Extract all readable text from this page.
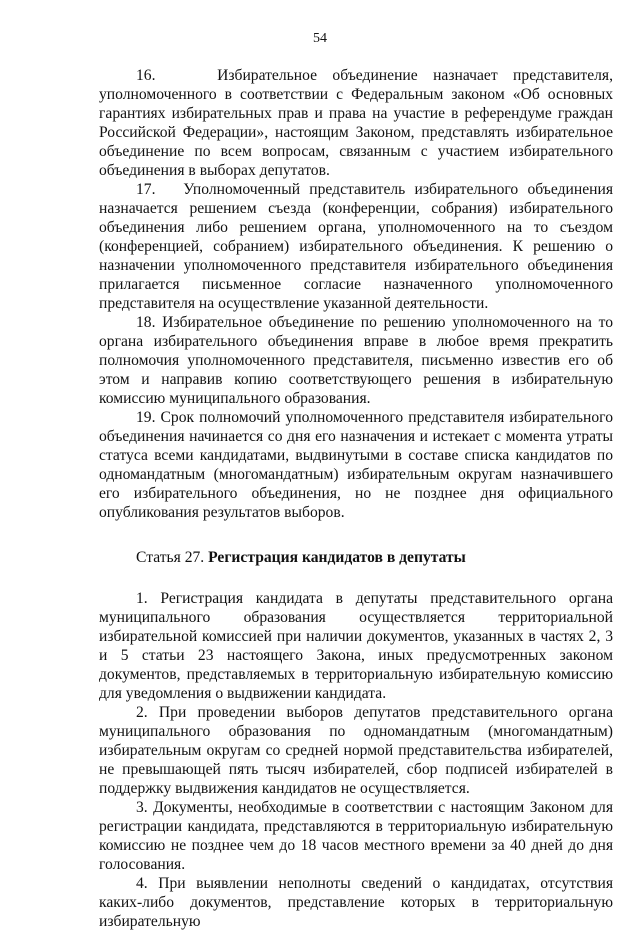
54

16.    Избирательное объединение назначает представителя, уполномоченного в соответствии с Федеральным законом «Об основных гарантиях избирательных прав и права на участие в референдуме граждан Российской Федерации», настоящим Законом, представлять избирательное объединение по всем вопросам, связанным с участием избирательного объединения в выборах депутатов.

17.   Уполномоченный представитель избирательного объединения назначается решением съезда (конференции, собрания) избирательного объединения либо решением органа, уполномоченного на то съездом (конференцией, собранием) избирательного объединения. К решению о назначении уполномоченного представителя избирательного объединения прилагается письменное согласие назначенного уполномоченного представителя на осуществление указанной деятельности.

18. Избирательное объединение по решению уполномоченного на то органа избирательного объединения вправе в любое время прекратить полномочия уполномоченного представителя, письменно известив его об этом и направив копию соответствующего решения в избирательную комиссию муниципального образования.

19. Срок полномочий уполномоченного представителя избирательного объединения начинается со дня его назначения и истекает с момента утраты статуса всеми кандидатами, выдвинутыми в составе списка кандидатов по одномандатным (многомандатным) избирательным округам назначившего его избирательного объединения, но не позднее дня официального опубликования результатов выборов.

Статья 27. Регистрация кандидатов в депутаты

1. Регистрация кандидата в депутаты представительного органа муниципального образования осуществляется территориальной избирательной комиссией при наличии документов, указанных в частях 2, 3 и 5 статьи 23 настоящего Закона, иных предусмотренных законом документов, представляемых в территориальную избирательную комиссию для уведомления о выдвижении кандидата.

2. При проведении выборов депутатов представительного органа муниципального образования по одномандатным (многомандатным) избирательным округам со средней нормой представительства избирателей, не превышающей пять тысяч избирателей, сбор подписей избирателей в поддержку выдвижения кандидатов не осуществляется.

3. Документы, необходимые в соответствии с настоящим Законом для регистрации кандидата, представляются в территориальную избирательную комиссию не позднее чем до 18 часов местного времени за 40 дней до дня голосования.

4. При выявлении неполноты сведений о кандидатах, отсутствия каких-либо документов, представление которых в территориальную избирательную
